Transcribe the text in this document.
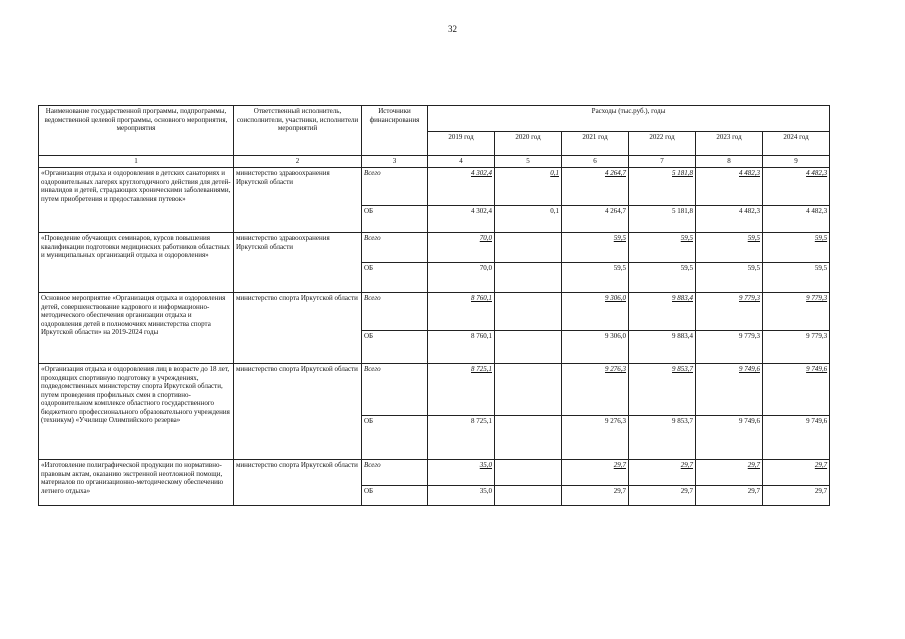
32
Наименование государственной программы, подпрограммы, ведомственной целевой программы, основного мероприятия, мероприятия	Ответственный исполнитель, соисполнители, участники, исполнители мероприятий	Источники финансирования	Расходы (тыс.руб.), годы					
			2019 год	2020 год	2021 год	2022 год	2023 год	2024 год
1	2	3	4	5	6	7	8	9
«Организация отдыха и оздоровления в детских санаториях и оздоровительных лагерях круглогодичного действия для детей-инвалидов и детей, страдающих хроническими заболеваниями, путем приобретения и предоставления путевок»	министерство здравоохранения Иркутской области	Всего	4 302,4	0,1	4 264,7	5 181,8	4 482,3	4 482,3
		ОБ	4 302,4	0,1	4 264,7	5 181,8	4 482,3	4 482,3
«Проведение обучающих семинаров, курсов повышения квалификации подготовки медицинских работников областных и муниципальных организаций отдыха и оздоровления»	министерство здравоохранения Иркутской области	Всего	70,0		59,5	59,5	59,5	59,5
		ОБ	70,0		59,5	59,5	59,5	59,5
Основное мероприятие «Организация отдыха и оздоровления детей, совершенствование кадрового и информационно-методического обеспечения организации отдыха и оздоровления детей в полномочиях министерства спорта Иркутской области» на 2019-2024 годы	министерство спорта Иркутской области	Всего	8 760,1		9 306,0	9 883,4	9 779,3	9 779,3
		ОБ	8 760,1		9 306,0	9 883,4	9 779,3	9 779,3
«Организация отдыха и оздоровления лиц в возрасте до 18 лет, проходящих спортивную подготовку в учреждениях, подведомственных министерству спорта Иркутской области, путем проведения профильных смен в спортивно-оздоровительном комплексе областного государственного бюджетного профессионального образовательного учреждения (техникум) «Училище Олимпийского резерва»	министерство спорта Иркутской области	Всего	8 725,1		9 276,3	9 853,7	9 749,6	9 749,6
		ОБ	8 725,1		9 276,3	9 853,7	9 749,6	9 749,6
«Изготовление полиграфической продукции по нормативно-правовым актам, оказанию экстренной неотложной помощи, материалов по организационно-методическому обеспечению летнего отдыха»	министерство спорта Иркутской области	Всего	35,0		29,7	29,7	29,7	29,7
		ОБ	35,0		29,7	29,7	29,7	29,7
